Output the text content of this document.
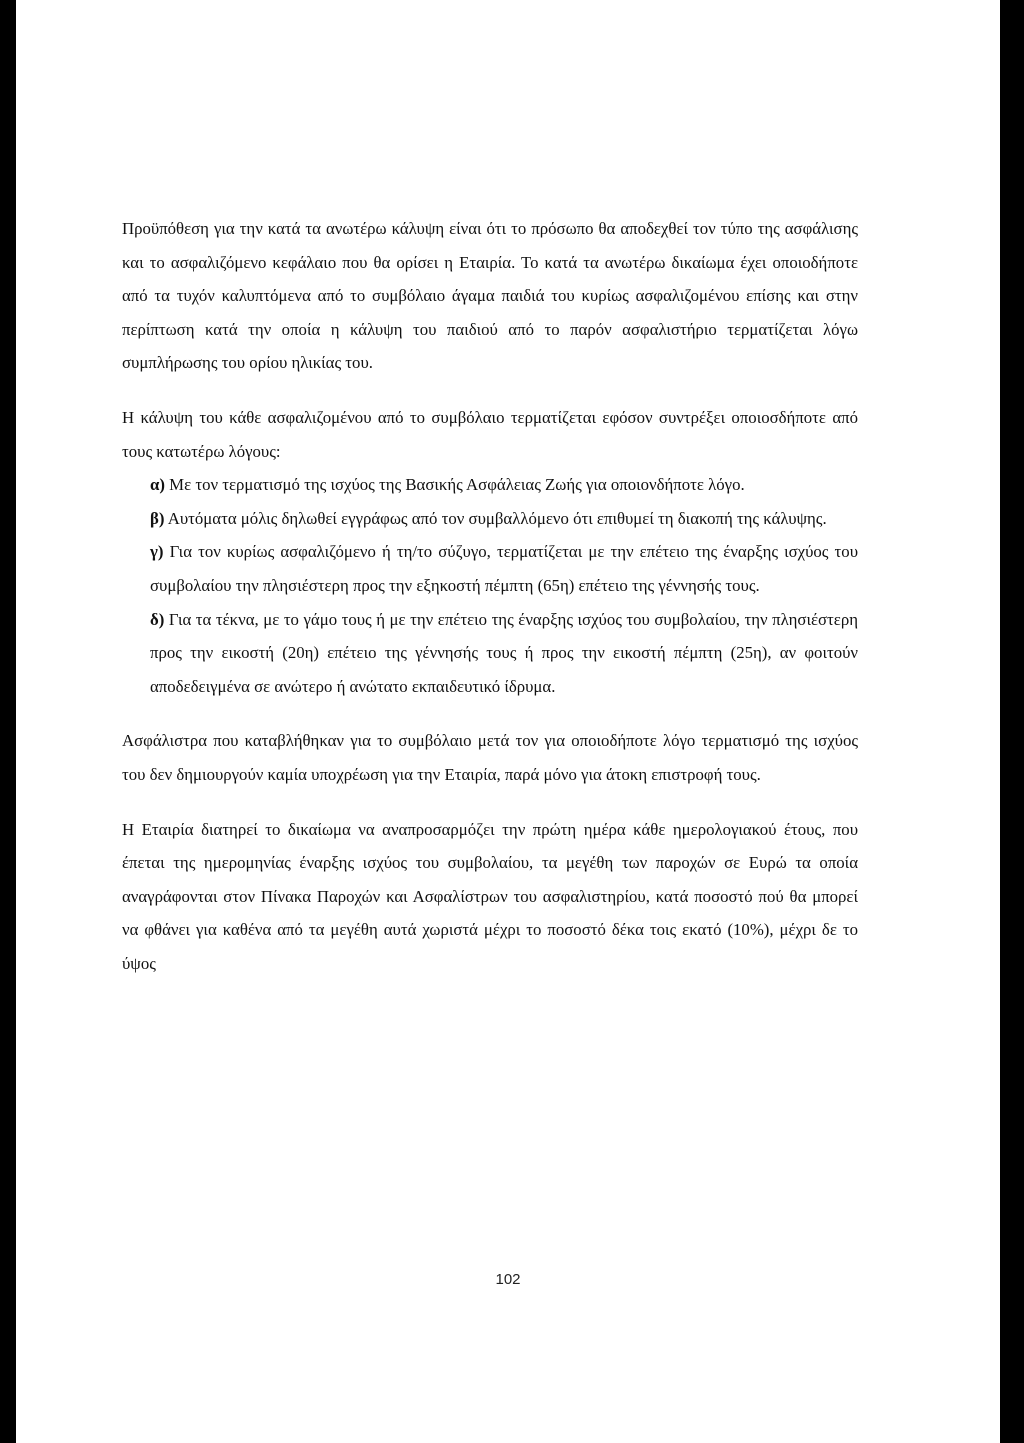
Προϋπόθεση για την κατά τα ανωτέρω κάλυψη είναι ότι το πρόσωπο θα αποδεχθεί τον τύπο της ασφάλισης και το ασφαλιζόμενο κεφάλαιο που θα ορίσει η Εταιρία. Το κατά τα ανωτέρω δικαίωμα έχει οποιοδήποτε από τα τυχόν καλυπτόμενα από το συμβόλαιο άγαμα παιδιά του κυρίως ασφαλιζομένου επίσης και στην περίπτωση κατά την οποία η κάλυψη του παιδιού από το παρόν ασφαλιστήριο τερματίζεται λόγω συμπλήρωσης του ορίου ηλικίας του.

Η κάλυψη του κάθε ασφαλιζομένου από το συμβόλαιο τερματίζεται εφόσον συντρέξει οποιοσδήποτε από τους κατωτέρω λόγους:

α) Με τον τερματισμό της ισχύος της Βασικής Ασφάλειας Ζωής για οποιονδήποτε λόγο.

β) Αυτόματα μόλις δηλωθεί εγγράφως από τον συμβαλλόμενο ότι επιθυμεί τη διακοπή της κάλυψης.

γ) Για τον κυρίως ασφαλιζόμενο ή τη/το σύζυγο, τερματίζεται με την επέτειο της έναρξης ισχύος του συμβολαίου την πλησιέστερη προς την εξηκοστή πέμπτη (65η) επέτειο της γέννησής τους.

δ) Για τα τέκνα, με το γάμο τους ή με την επέτειο της έναρξης ισχύος του συμβολαίου, την πλησιέστερη προς την εικοστή (20η) επέτειο της γέννησής τους ή προς την εικοστή πέμπτη (25η), αν φοιτούν αποδεδειγμένα σε ανώτερο ή ανώτατο εκπαιδευτικό ίδρυμα.

Ασφάλιστρα που καταβλήθηκαν για το συμβόλαιο μετά τον για οποιοδήποτε λόγο τερματισμό της ισχύος του δεν δημιουργούν καμία υποχρέωση για την Εταιρία, παρά μόνο για άτοκη επιστροφή τους.

Η Εταιρία διατηρεί το δικαίωμα να αναπροσαρμόζει την πρώτη ημέρα κάθε ημερολογιακού έτους, που έπεται της ημερομηνίας έναρξης ισχύος του συμβολαίου, τα μεγέθη των παροχών σε Ευρώ τα οποία αναγράφονται στον Πίνακα Παροχών και Ασφαλίστρων του ασφαλιστηρίου, κατά ποσοστό πού θα μπορεί να φθάνει για καθένα από τα μεγέθη αυτά χωριστά μέχρι το ποσοστό δέκα τοις εκατό (10%), μέχρι δε το ύψος

102
